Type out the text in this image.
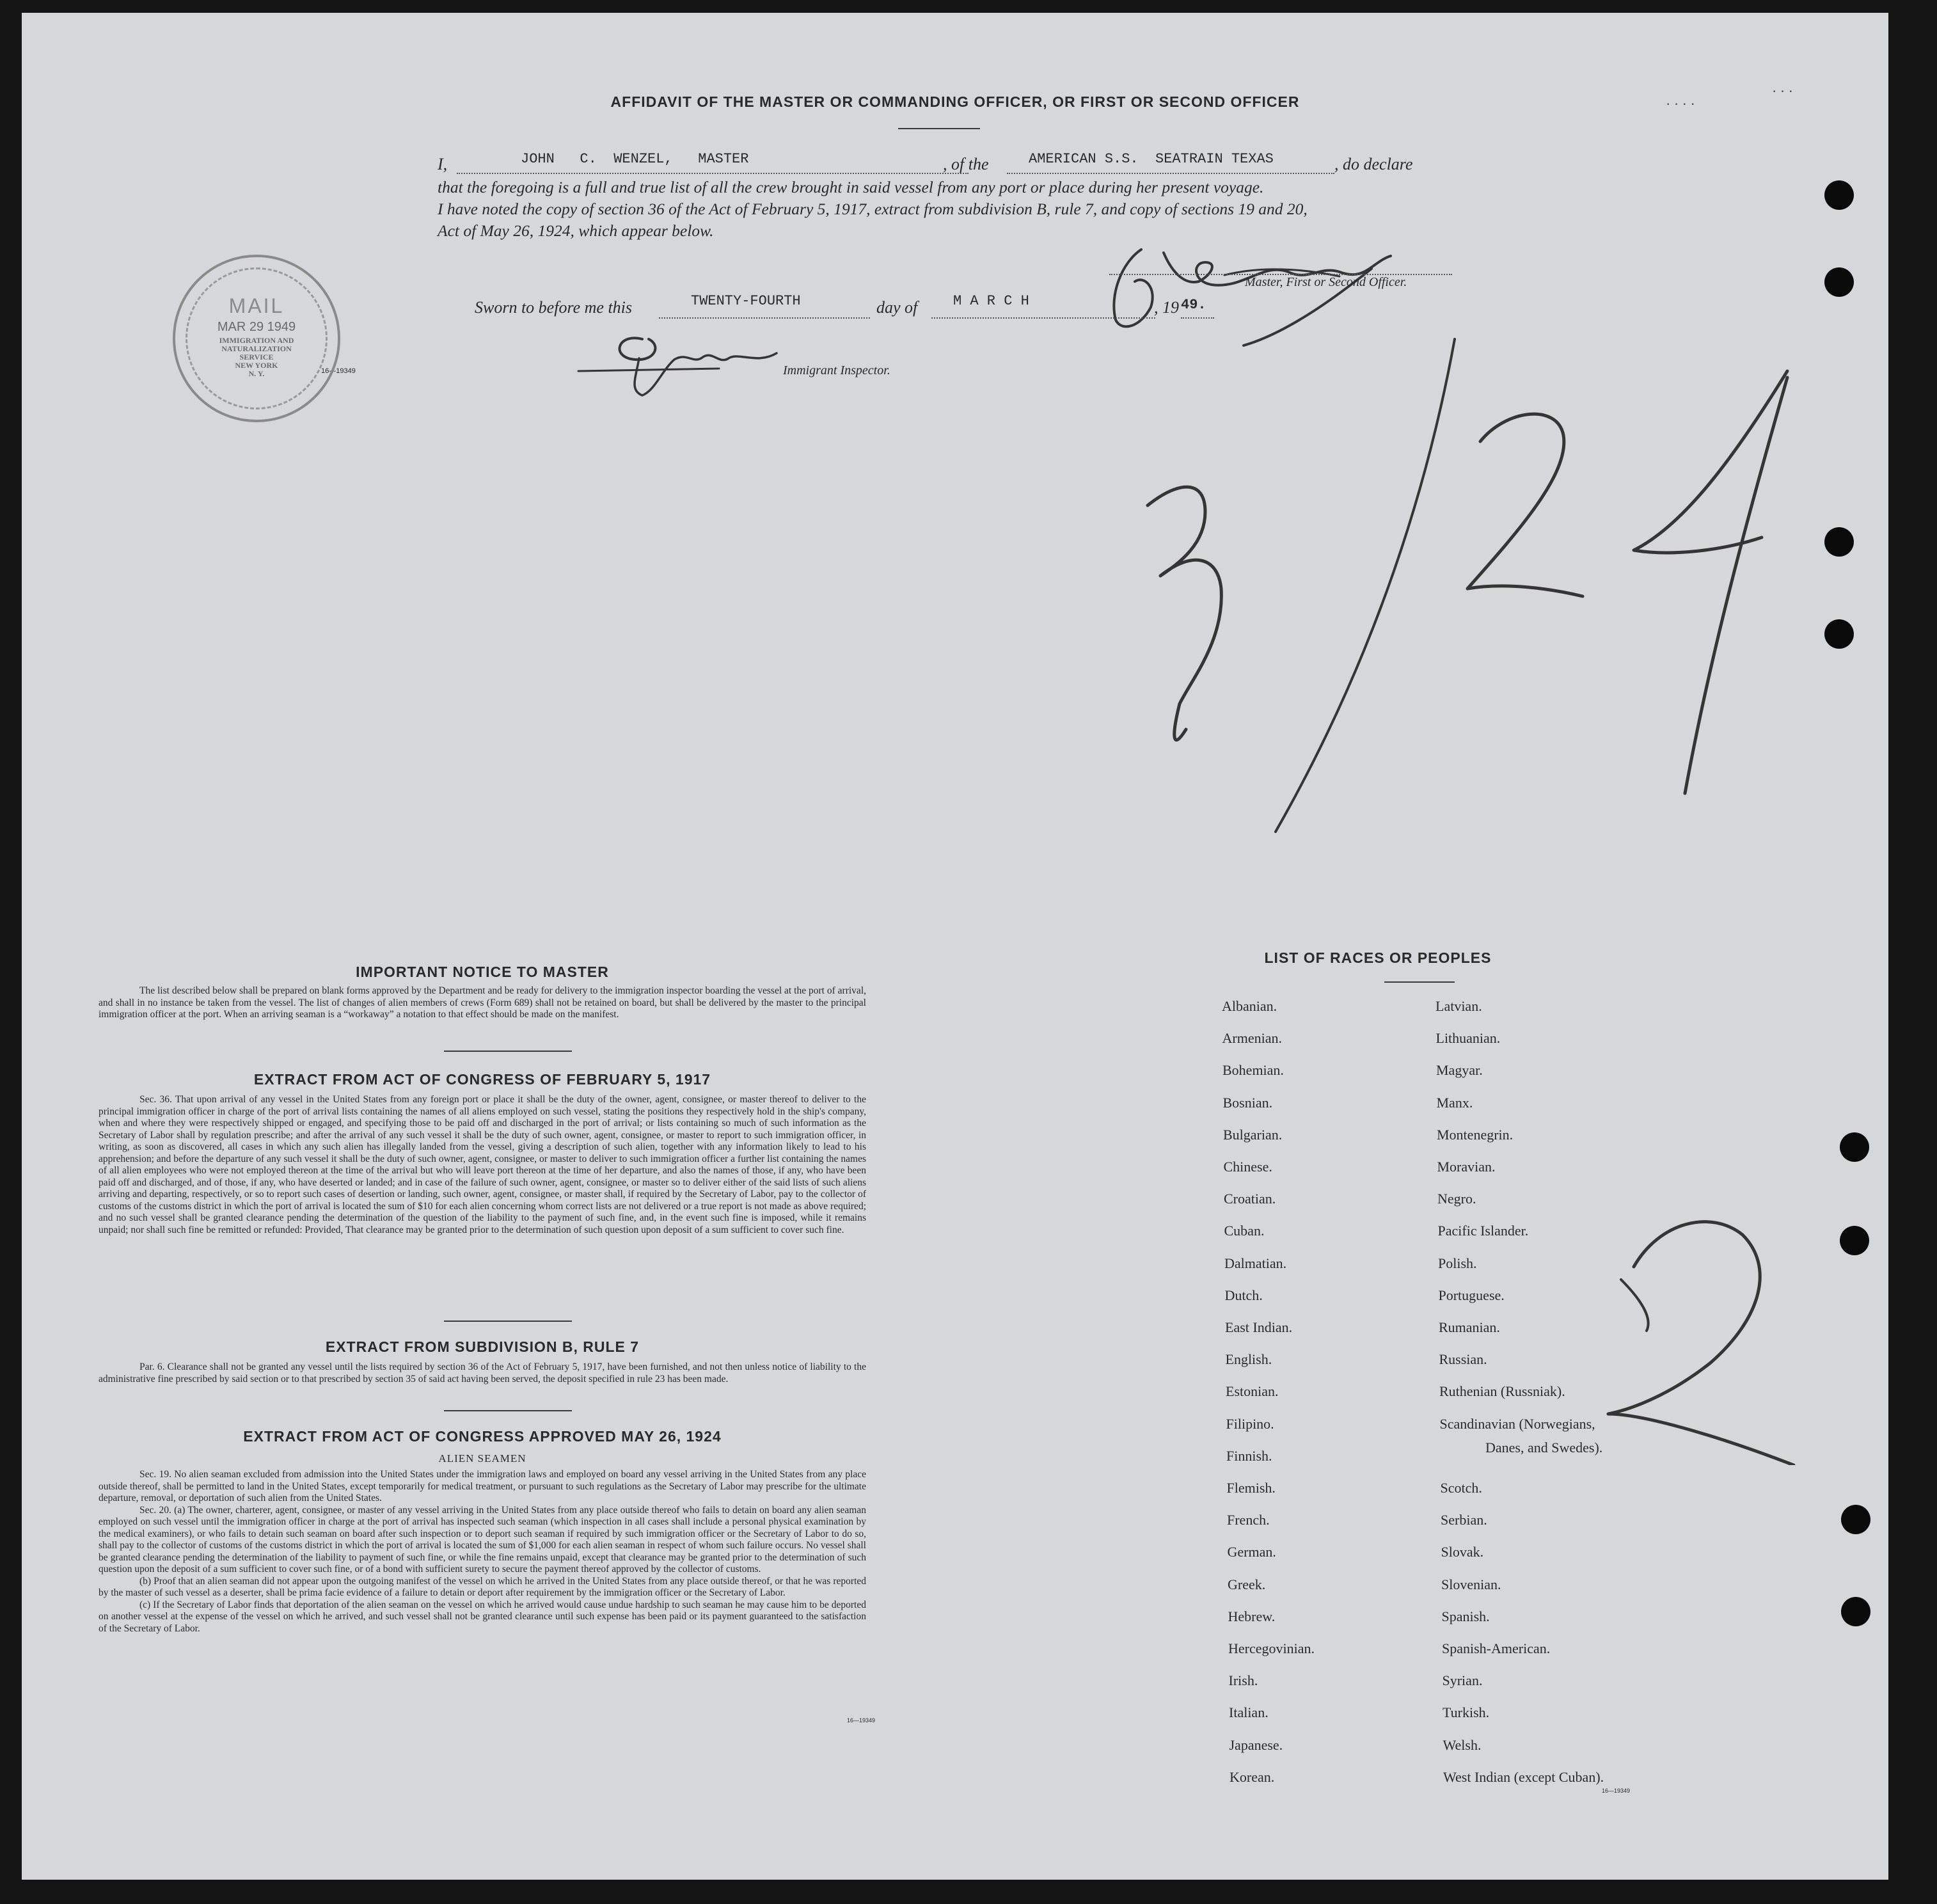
AFFIDAVIT OF THE MASTER OR COMMANDING OFFICER, OR FIRST OR SECOND OFFICER
I,	JOHN   C.  WENZEL,   MASTER	, of the	AMERICAN S.S.  SEATRAIN TEXAS	, do declare
that the foregoing is a full and true list of all the crew brought in said vessel from any port or place during her present voyage.
I have noted the copy of section 36 of the Act of February 5, 1917, extract from subdivision B, rule 7, and copy of sections 19 and 20,
Act of May 26, 1924, which appear below.
Master, First or Second Officer.
Sworn to before me this	TWENTY-FOURTH	day of	M A R C H	, 19 49.
16—19349	Immigrant Inspector.
MAIL
MAR 29 1949
IMMIGRATION AND
NATURALIZATION
SERVICE
NEW YORK
N. Y.
IMPORTANT NOTICE TO MASTER
The list described below shall be prepared on blank forms approved by the Department and be ready for delivery to the immigration inspector boarding the vessel at the port of arrival, and shall in no instance be taken from the vessel. The list of changes of alien members of crews (Form 689) shall not be retained on board, but shall be delivered by the master to the principal immigration officer at the port. When an arriving seaman is a “workaway” a notation to that effect should be made on the manifest.
EXTRACT FROM ACT OF CONGRESS OF FEBRUARY 5, 1917
Sec. 36. That upon arrival of any vessel in the United States from any foreign port or place it shall be the duty of the owner, agent, consignee, or master thereof to deliver to the principal immigration officer in charge of the port of arrival lists containing the names of all aliens employed on such vessel, stating the positions they respectively hold in the ship's company, when and where they were respectively shipped or engaged, and specifying those to be paid off and discharged in the port of arrival; or lists containing so much of such information as the Secretary of Labor shall by regulation prescribe; and after the arrival of any such vessel it shall be the duty of such owner, agent, consignee, or master to report to such immigration officer, in writing, as soon as discovered, all cases in which any such alien has illegally landed from the vessel, giving a description of such alien, together with any information likely to lead to his apprehension; and before the departure of any such vessel it shall be the duty of such owner, agent, consignee, or master to deliver to such immigration officer a further list containing the names of all alien employees who were not employed thereon at the time of the arrival but who will leave port thereon at the time of her departure, and also the names of those, if any, who have been paid off and discharged, and of those, if any, who have deserted or landed; and in case of the failure of such owner, agent, consignee, or master so to deliver either of the said lists of such aliens arriving and departing, respectively, or so to report such cases of desertion or landing, such owner, agent, consignee, or master shall, if required by the Secretary of Labor, pay to the collector of customs of the customs district in which the port of arrival is located the sum of $10 for each alien concerning whom correct lists are not delivered or a true report is not made as above required; and no such vessel shall be granted clearance pending the determination of the question of the liability to the payment of such fine, and, in the event such fine is imposed, while it remains unpaid; nor shall such fine be remitted or refunded: Provided, That clearance may be granted prior to the determination of such question upon deposit of a sum sufficient to cover such fine.
EXTRACT FROM SUBDIVISION B, RULE 7
Par. 6. Clearance shall not be granted any vessel until the lists required by section 36 of the Act of February 5, 1917, have been furnished, and not then unless notice of liability to the administrative fine prescribed by said section or to that prescribed by section 35 of said act having been served, the deposit specified in rule 23 has been made.
EXTRACT FROM ACT OF CONGRESS APPROVED MAY 26, 1924
ALIEN SEAMEN
Sec. 19. No alien seaman excluded from admission into the United States under the immigration laws and employed on board any vessel arriving in the United States from any place outside thereof, shall be permitted to land in the United States, except temporarily for medical treatment, or pursuant to such regulations as the Secretary of Labor may prescribe for the ultimate departure, removal, or deportation of such alien from the United States.
Sec. 20. (a) The owner, charterer, agent, consignee, or master of any vessel arriving in the United States from any place outside thereof who fails to detain on board any alien seaman employed on such vessel until the immigration officer in charge at the port of arrival has inspected such seaman (which inspection in all cases shall include a personal physical examination by the medical examiners), or who fails to detain such seaman on board after such inspection or to deport such seaman if required by such immigration officer or the Secretary of Labor to do so, shall pay to the collector of customs of the customs district in which the port of arrival is located the sum of $1,000 for each alien seaman in respect of whom such failure occurs. No vessel shall be granted clearance pending the determination of the liability to payment of such fine, or while the fine remains unpaid, except that clearance may be granted prior to the determination of such question upon the deposit of a sum sufficient to cover such fine, or of a bond with sufficient surety to secure the payment thereof approved by the collector of customs.
(b) Proof that an alien seaman did not appear upon the outgoing manifest of the vessel on which he arrived in the United States from any place outside thereof, or that he was reported by the master of such vessel as a deserter, shall be prima facie evidence of a failure to detain or deport after requirement by the immigration officer or the Secretary of Labor.
(c) If the Secretary of Labor finds that deportation of the alien seaman on the vessel on which he arrived would cause undue hardship to such seaman he may cause him to be deported on another vessel at the expense of the vessel on which he arrived, and such vessel shall not be granted clearance until such expense has been paid or its payment guaranteed to the satisfaction of the Secretary of Labor.
16—19349
LIST OF RACES OR PEOPLES
Albanian.
Armenian.
Bohemian.
Bosnian.
Bulgarian.
Chinese.
Croatian.
Cuban.
Dalmatian.
Dutch.
East Indian.
English.
Estonian.
Filipino.
Finnish.
Flemish.
French.
German.
Greek.
Hebrew.
Hercegovinian.
Irish.
Italian.
Japanese.
Korean.
Latvian.
Lithuanian.
Magyar.
Manx.
Montenegrin.
Moravian.
Negro.
Pacific Islander.
Polish.
Portuguese.
Rumanian.
Russian.
Ruthenian (Russniak).
Scandinavian (Norwegians,
Scotch.
Serbian.
Slovak.
Slovenian.
Spanish.
Spanish-American.
Syrian.
Turkish.
Welsh.
West Indian (except Cuban).
Danes, and Swedes).
16—19349
· · ·
· · · ·
